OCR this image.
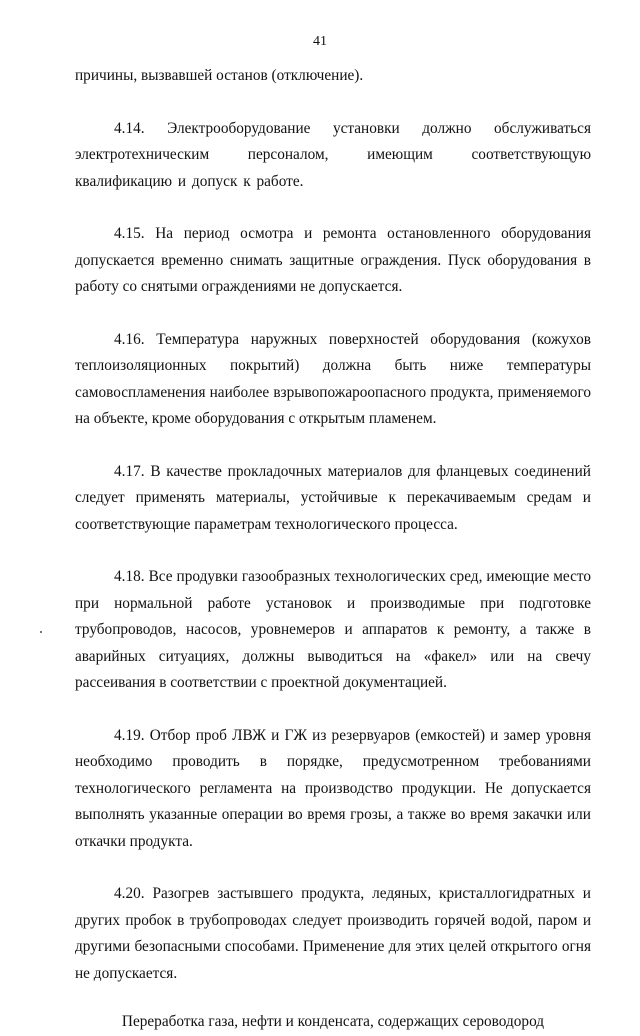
41

причины, вызвавшей останов (отключение).

4.14. Электрооборудование установки должно обслуживаться электротехническим персоналом, имеющим соответствующую квалификацию и допуск к работе.

4.15. На период осмотра и ремонта остановленного оборудования допускается временно снимать защитные ограждения. Пуск оборудования в работу со снятыми ограждениями не допускается.

4.16. Температура наружных поверхностей оборудования (кожухов теплоизоляционных покрытий) должна быть ниже температуры самовоспламенения наиболее взрывопожароопасного продукта, применяемого на объекте, кроме оборудования с открытым пламенем.

4.17. В качестве прокладочных материалов для фланцевых соединений следует применять материалы, устойчивые к перекачиваемым средам и соответствующие параметрам технологического процесса.

4.18. Все продувки газообразных технологических сред, имеющие место при нормальной работе установок и производимые при подготовке трубопроводов, насосов, уровнемеров и аппаратов к ремонту, а также в аварийных ситуациях, должны выводиться на «факел» или на свечу рассеивания в соответствии с проектной документацией.

4.19. Отбор проб ЛВЖ и ГЖ из резервуаров (емкостей) и замер уровня необходимо проводить в порядке, предусмотренном требованиями технологического регламента на производство продукции. Не допускается выполнять указанные операции во время грозы, а также во время закачки или откачки продукта.

4.20. Разогрев застывшего продукта, ледяных, кристаллогидратных и других пробок в трубопроводах следует производить горячей водой, паром и другими безопасными способами. Применение для этих целей открытого огня не допускается.

Переработка газа, нефти и конденсата, содержащих сероводород
